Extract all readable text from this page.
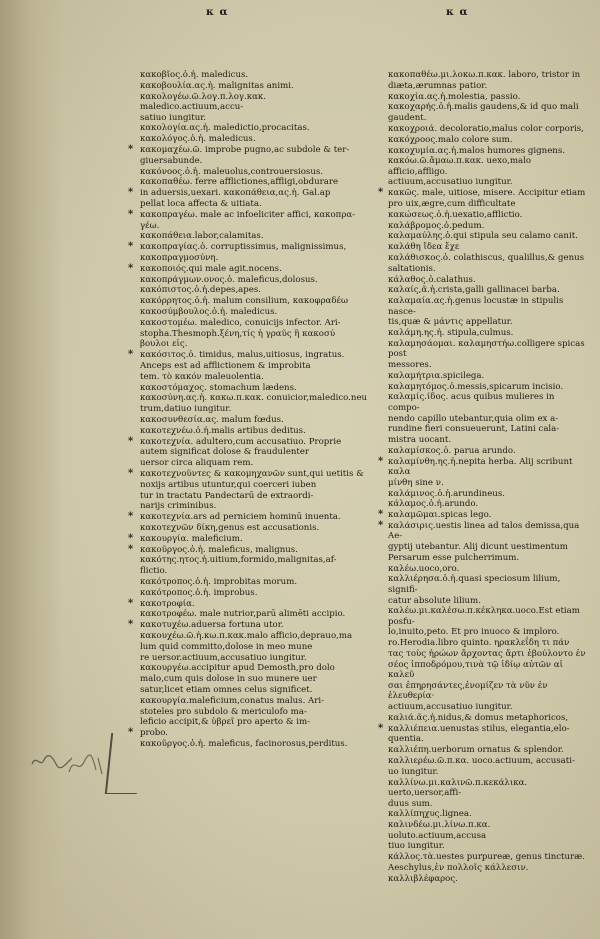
κ α	κ α
κακοβῖος.ὁ.ἡ. maledicus.
κακοβουλία.ας.ἡ. malignitas animi.
κακολογέω.ῶ.λογ.π.λογ.κακ. maledico.actiuum,accu-
satiuo iungitur.
κακολογία.ας.ἡ. maledictio,procacitas.
κακολόγος.ὁ.ἡ. maledicus.
* κακομαχέω.ῶ. improbe pugno,ac subdole & ter-
giuersabunde.
κακόνοος.ὁ.ἡ. maleuolus,controuersiosus.
κακοπαθέω. ferre afflictiones,affligi,obdurare
* in aduersis,uexari. κακοπάθεια,ας.ἡ. Gal.ap
pellat loca affecta & uitiata.
* κακοπραγέω. male ac infoeliciter affici, κακοπρα-
γέω.
κακοπάθεια.labor,calamitas.
* κακοπραγίας.ὁ. corruptissimus, malignissimus,
κακοπραγμοσύνη.
* κακοποιός.qui male agit.nocens.
κακοπράγμων.ονος.ὁ. maleficus,dolosus.
κακόπιστος.ὁ.ἡ.depes,apes.
κακόρρητος.ὁ.ἡ. malum consilium, κακοφραδέω
κακοσύμβουλος.ὁ.ἡ. maledicus.
κακοστομέω. maledico, conuicijs infector. Ari-
stopha.Thesmoph.ξένη,τίς ἡ γραῦς ἣ κακοσύ
βουλοι εἰς.
* κακόσιτος.ὁ. timidus, malus,uitiosus, ingratus.
Anceps est ad afflictionem & improbita
tem. τὸ κακόν maleuolentia.
κακοστόμαχος. stomachum lædens.
κακοσύνη.ας.ἡ. κακω.π.κακ. conuicior,maledico.neu
trum,datiuo iungitur.
κακοσυνθεσία.ας. malum fœdus.
κακοτεχνέω.ὁ.ἡ.malis artibus deditus.
* κακοτεχνία. adultero,cum accusatiuo. Proprie
autem significat dolose & fraudulenter
uersor circa aliquam rem.
* κακοτεχνοῦντες & κακομηχανῶν sunt,qui uetitis &
noxijs artibus utuntur,qui coerceri iuben
tur in tractatu Pandectarū de extraordi-
narijs criminibus.
* κακοτεχνία.ars ad perniciem hominū inuenta.
κακοτεχνῶν δίκη,genus est accusationis.
* κακουργία. maleficium.
* κακοῦργος.ὁ.ἡ. maleficus, malignus.
κακότης.ητος.ἡ.uitium,formido,malignitas,af-
flictio.
κακότροπος.ὁ.ἡ. improbitas morum.
κακότροπος.ὁ.ἡ. improbus.
* κακοτροφία.
κακοτροφέω. male nutrior,parū alimēti accipio.
* κακοτυχέω.aduersa fortuna utor.
κακουχέω.ῶ.ἡ.κω.π.κακ.malo afficio,deprauo,ma
lum quid committo,dolose in meo mune
re uersor.actiuum,accusatiuo iungitur.
κακουργέω.accipitur apud Demosth,pro dolo
malo,cum quis dolose in suo munere uer
satur,licet etiam omnes celus significet.
κακουργία.maleficium,conatus malus. Ari-
stoteles pro subdolo & mericulofo ma-
leficio accipit,& ὑβρεῖ pro aperto & im-
* probo.
κακοῦργος.ὁ.ἡ. maleficus, facinorosus,perditus.
κακοπαθέω.μι.λοκω.π.κακ. laboro, tristor in
diæta,ærumnas patior.
κακοχία.ας.ἡ.molestia, passio.
κακοχαρής.ὁ.ἡ.malis gaudens,& id quo mali
gaudent.
κακοχροιά. decoloratio,malus color corporis,
κακόχροος.malo colore sum.
κακοχυμία.ας.ἡ.malos humores gignens.
κακόω.ῶ.ἄμαω.π.κακ. uexo,malo afficio,affligo.
actiuum,accusatiuo iungitur.
* κακῶς. male, uitiose, misere. Accipitur etiam
pro uix,ægre,cum difficultate
κακώσεως.ὁ.ἡ.uexatio,afflictio.
καλάβρομος.ὁ.pedum.
καλαμαύλης.ὁ.qui stipula seu calamo canit.
καλάθη ἴδεα ἔχε
καλάθισκος.ὁ. colathiscus, qualillus,& genus
saltationis.
κάλαθος.ὁ.calathus.
καλαίς,ᾶ.ἡ.crista,galli gallinacei barba.
καλαμαία.ας.ἡ.genus locustæ in stipulis nasce-
tis,quæ & μάντις appellatur.
καλάμη.ης.ἡ. stipula,culmus.
καλαμησάομαι. καλαμηστήω.colligere spicas post
messores.
καλαμήτρια.spicilega.
καλαμητόμος.ὁ.messis,spicarum incisio.
καλαμίς.ίδος. acus quibus mulieres in compo-
nendo capillo utebantur,quia olim ex a-
rundine fieri consueuerunt, Latini cala-
mistra uocant.
καλαμίσκος.ὁ. parua arundo.
* καλαμίνθη.ης.ἡ.nepita herba. Alij scribunt καλα
μίνθη sine ν.
καλάμινος.ὁ.ἡ.arundineus.
κάλαμος.ὁ.ἡ.arundo.
* καλαμῶμαι.spicas lego.
* καλάσιρις.uestis linea ad talos demissa,qua Ae-
gyptij utebantur. Alij dicunt uestimentum
Persarum esse pulcherrimum.
καλέω.uoco,oro.
καλλιέρησα.ὁ.ἡ.quasi speciosum lilium, signifi-
catur absolute lilium.
καλέω.μι.καλέσω.π.κέκληκα.uoco.Est etiam posfu-
lo,inuito,peto. Et pro inuoco & imploro.
ro.Herodia.libro quinto. ηρακλεΐδη τι πάν
τας τοὺς ἡρώων ἄρχοντας ἄρτι ἐβούλοντο ἐν
σέος ἱπποδρόμου,τινὰ τῷ ἰδίῳ αὐτῶν αἱ καλεῦ
σαι ἐπηρησάντες,ἐνομίζεν τὰ νῦν ἐν ἐλευθερία·
actiuum,accusatiuo iungitur.
καλιά.ᾶς.ἡ.nidus,& domus metaphoricos,
* καλλιέπεια.uenustas stilus, elegantia,elo-
quentia.
καλλιέπη.uerborum ornatus & splendor.
καλλιερέω.ῶ.π.κα. uoco.actiuum, accusati-
uo iungitur.
καλλίνω.μι.καλινῶ.π.κεκάλικα. uerto,uersor,affi-
duus sum.
καλλίπηχυς.lignea.
καλινδέω.μι.λίνω.π.κα. uoluto.actiuum,accusa
tiuo iungitur.
κάλλος.τὰ.uestes purpureæ, genus tincturæ.
Aeschylus,ἐν πολλοῖς κάλλεσιν.
καλλιβλέφαρος.
